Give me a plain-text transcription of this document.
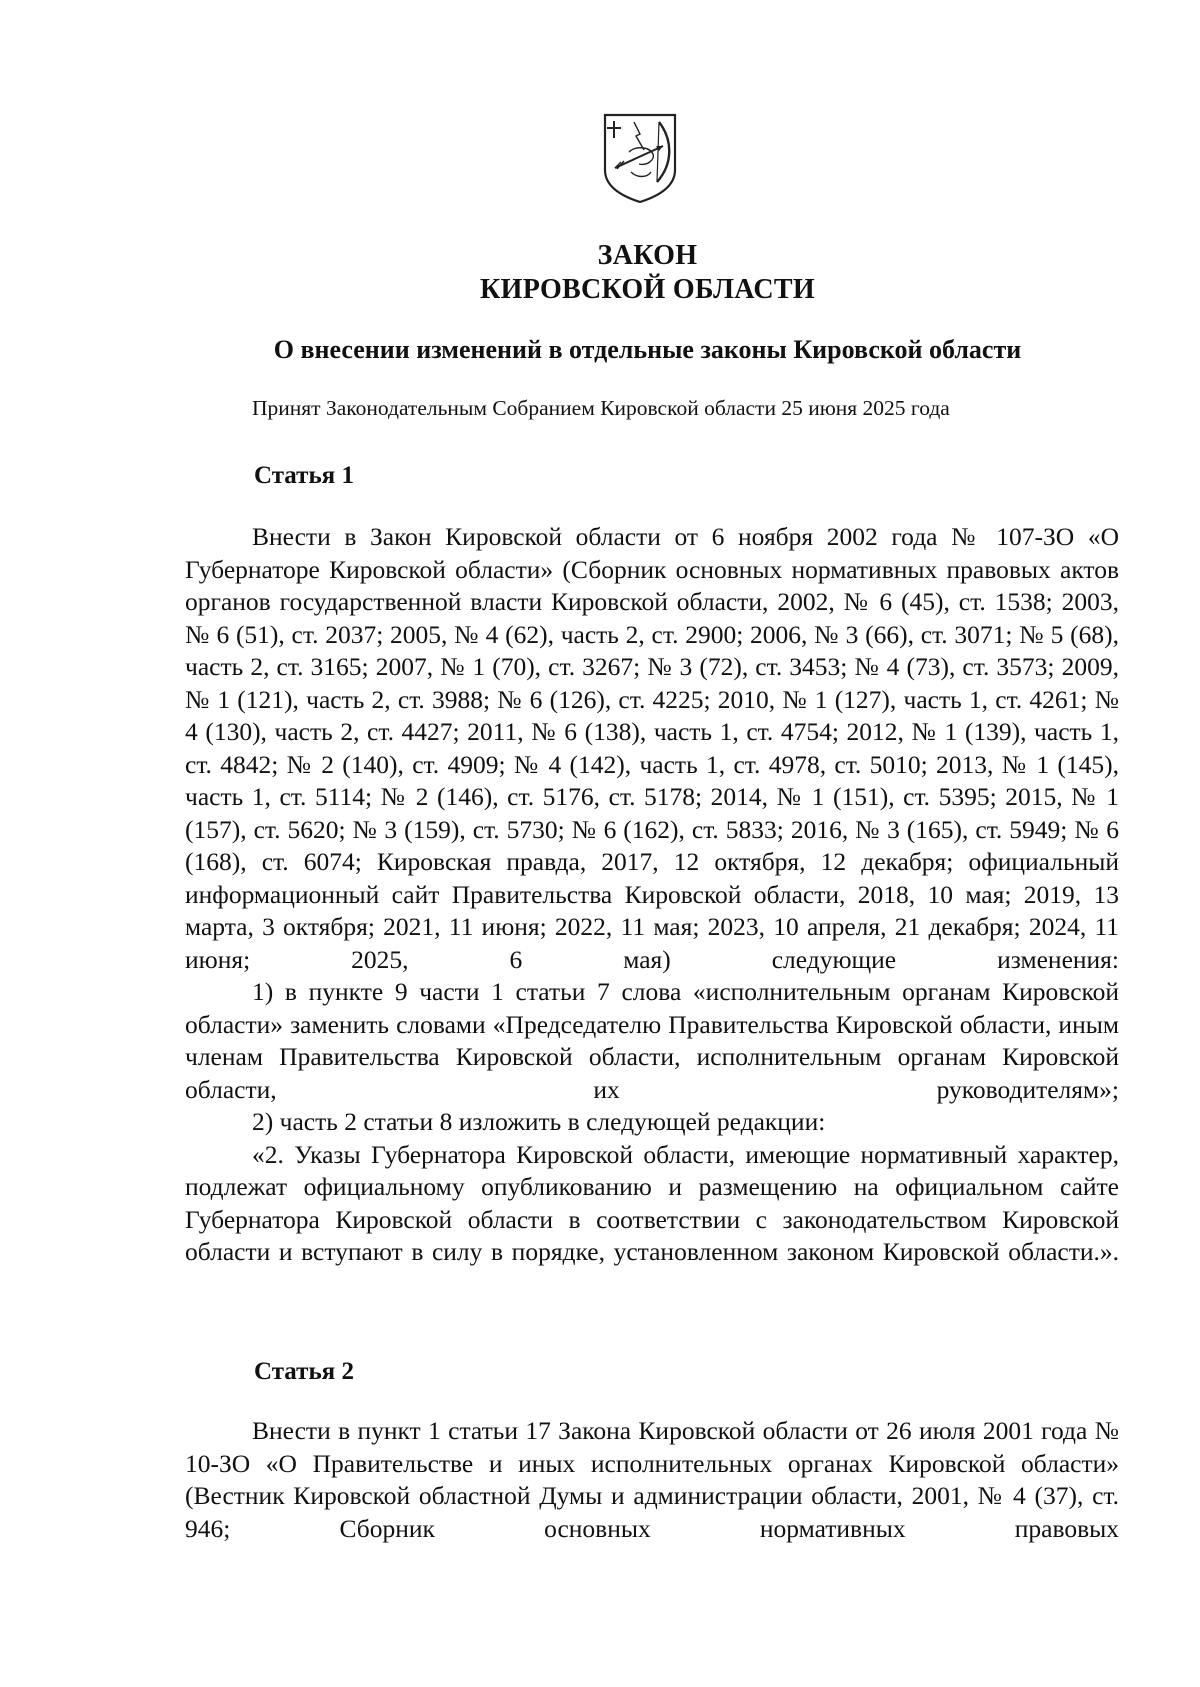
ЗАКОН
КИРОВСКОЙ ОБЛАСТИ
О внесении изменений в отдельные законы Кировской области
Принят Законодательным Собранием Кировской области 25 июня 2025 года
Статья 1

Внести в Закон Кировской области от 6 ноября 2002 года № 107-ЗО «О Губернаторе Кировской области» (Сборник основных нормативных правовых актов органов государственной власти Кировской области, 2002, № 6 (45), ст. 1538; 2003, № 6 (51), ст. 2037; 2005, № 4 (62), часть 2, ст. 2900; 2006, № 3 (66), ст. 3071; № 5 (68), часть 2, ст. 3165; 2007, № 1 (70), ст. 3267; № 3 (72), ст. 3453; № 4 (73), ст. 3573; 2009, № 1 (121), часть 2, ст. 3988; № 6 (126), ст. 4225; 2010, № 1 (127), часть 1, ст. 4261; № 4 (130), часть 2, ст. 4427; 2011, № 6 (138), часть 1, ст. 4754; 2012, № 1 (139), часть 1, ст. 4842; № 2 (140), ст. 4909; № 4 (142), часть 1, ст. 4978, ст. 5010; 2013, № 1 (145), часть 1, ст. 5114; № 2 (146), ст. 5176, ст. 5178; 2014, № 1 (151), ст. 5395; 2015, № 1 (157), ст. 5620; № 3 (159), ст. 5730; № 6 (162), ст. 5833; 2016, № 3 (165), ст. 5949; № 6 (168), ст. 6074; Кировская правда, 2017, 12 октября, 12 декабря; официальный информационный сайт Правительства Кировской области, 2018, 10 мая; 2019, 13 марта, 3 октября; 2021, 11 июня; 2022, 11 мая; 2023, 10 апреля, 21 декабря; 2024, 11 июня; 2025, 6 мая) следующие изменения:

1) в пункте 9 части 1 статьи 7 слова «исполнительным органам Кировской области» заменить словами «Председателю Правительства Кировской области, иным членам Правительства Кировской области, исполнительным органам Кировской области, их руководителям»;

2) часть 2 статьи 8 изложить в следующей редакции:

«2. Указы Губернатора Кировской области, имеющие нормативный характер, подлежат официальному опубликованию и размещению на официальном сайте Губернатора Кировской области в соответствии с законодательством Кировской области и вступают в силу в порядке, установленном законом Кировской области.».

Статья 2

Внести в пункт 1 статьи 17 Закона Кировской области от 26 июля 2001 года № 10-ЗО «О Правительстве и иных исполнительных органах Кировской области» (Вестник Кировской областной Думы и администрации области, 2001, № 4 (37), ст. 946; Сборник основных нормативных правовых
